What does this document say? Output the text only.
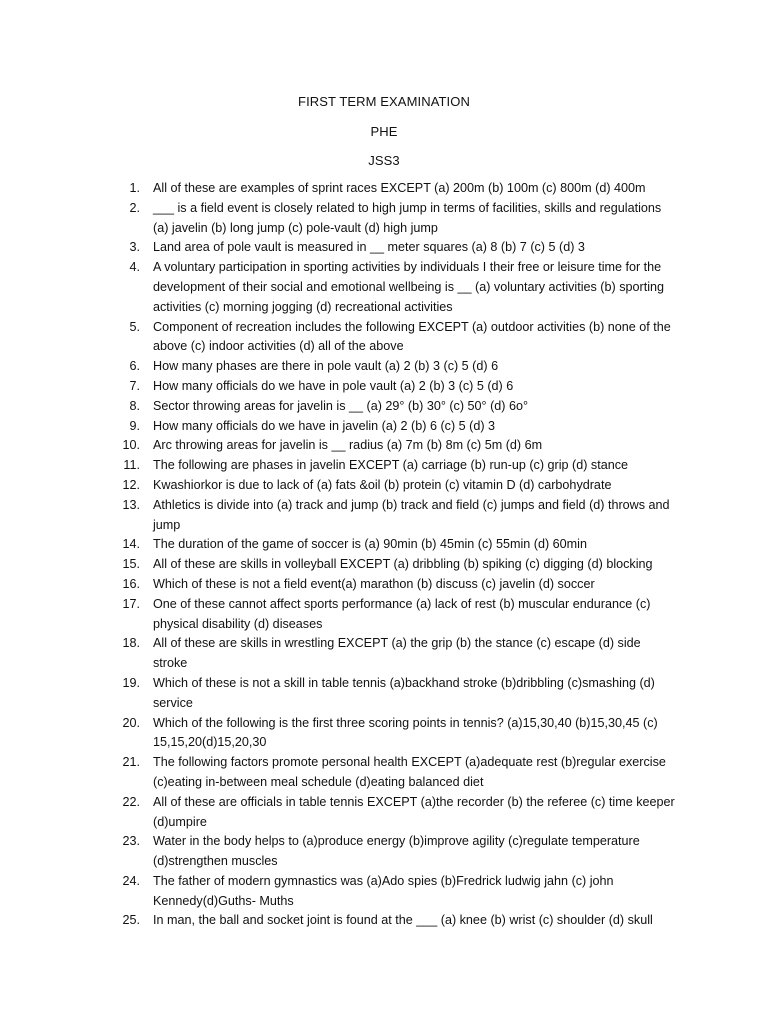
FIRST TERM EXAMINATION
PHE
JSS3
1. All of these are examples of sprint races EXCEPT (a) 200m (b) 100m (c) 800m (d) 400m
2. ___ is a field event is closely related to high jump in terms of facilities, skills and regulations (a) javelin (b) long jump (c) pole-vault (d) high jump
3. Land area of pole vault is measured in __ meter squares (a) 8 (b) 7 (c) 5 (d) 3
4. A voluntary participation in sporting activities by individuals I their free or leisure time for the development of their social and emotional wellbeing is __ (a) voluntary activities (b) sporting activities (c) morning jogging (d) recreational activities
5. Component of recreation includes the following EXCEPT (a) outdoor activities (b) none of the above (c) indoor activities (d) all of the above
6. How many phases are there in pole vault (a) 2 (b) 3 (c) 5 (d) 6
7. How many officials do we have in pole vault (a) 2 (b) 3 (c) 5 (d) 6
8. Sector throwing areas for javelin is __ (a) 29° (b) 30° (c) 50° (d) 6o°
9. How many officials do we have in javelin (a) 2 (b) 6 (c) 5 (d) 3
10. Arc throwing areas for javelin is __ radius (a) 7m (b) 8m (c) 5m (d) 6m
11. The following are phases in javelin EXCEPT (a) carriage (b) run-up (c) grip (d) stance
12. Kwashiorkor is due to lack of (a) fats &oil (b) protein (c) vitamin D (d) carbohydrate
13. Athletics is divide into (a) track and jump (b) track and field (c) jumps and field (d) throws and jump
14. The duration of the game of soccer is (a) 90min (b) 45min (c) 55min (d) 60min
15. All of these are skills in volleyball EXCEPT (a) dribbling (b) spiking (c) digging (d) blocking
16. Which of these is not a field event(a) marathon (b) discuss (c) javelin (d) soccer
17. One of these cannot affect sports performance (a) lack of rest (b) muscular endurance (c) physical disability (d) diseases
18. All of these are skills in wrestling EXCEPT (a) the grip (b) the stance (c) escape (d) side stroke
19. Which of these is not a skill in table tennis (a)backhand stroke (b)dribbling (c)smashing (d) service
20. Which of the following is the first three scoring points in tennis? (a)15,30,40 (b)15,30,45 (c) 15,15,20(d)15,20,30
21. The following factors promote personal health EXCEPT (a)adequate rest (b)regular exercise (c)eating in-between meal schedule (d)eating balanced diet
22. All of these are officials in table tennis EXCEPT (a)the recorder (b) the referee (c) time keeper (d)umpire
23. Water in the body helps to (a)produce energy (b)improve agility (c)regulate temperature (d)strengthen muscles
24. The father of modern gymnastics was (a)Ado spies (b)Fredrick ludwig jahn (c) john Kennedy(d)Guths- Muths
25. In man, the ball and socket joint is found at the ___ (a) knee (b) wrist (c) shoulder (d) skull
